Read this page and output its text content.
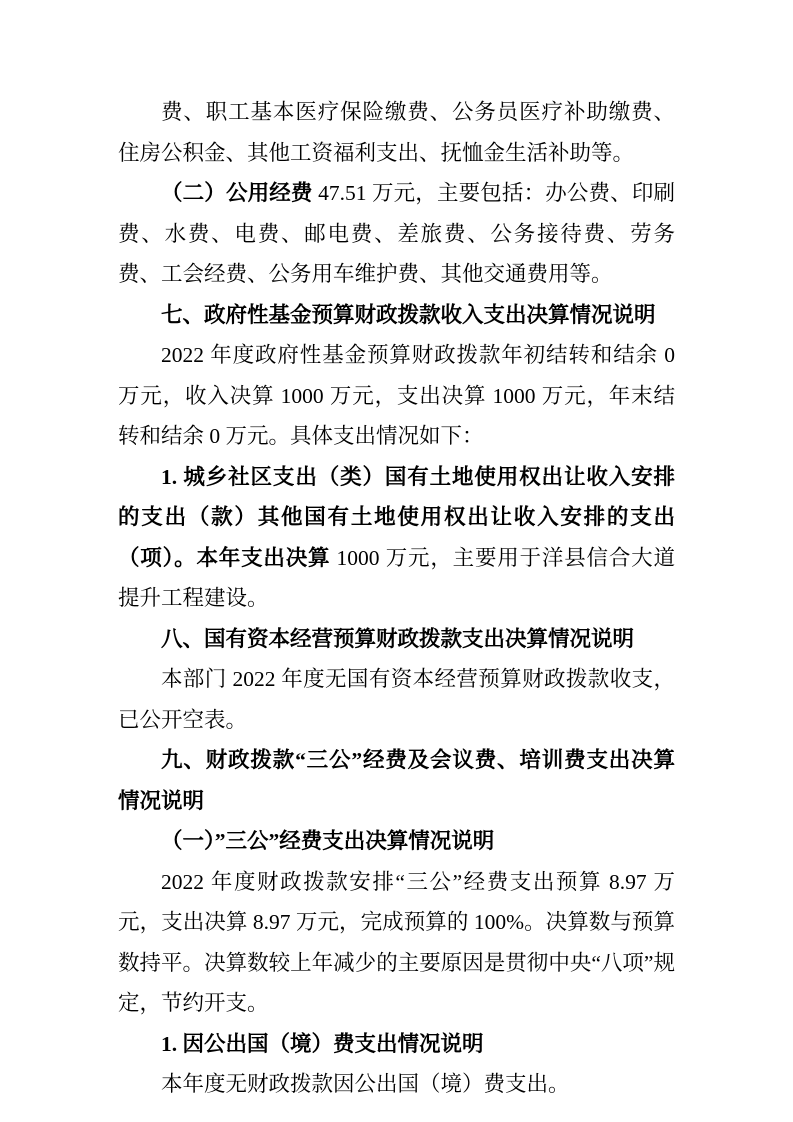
费、职工基本医疗保险缴费、公务员医疗补助缴费、住房公积金、其他工资福利支出、抚恤金生活补助等。

（二）公用经费 47.51 万元，主要包括：办公费、印刷费、水费、电费、邮电费、差旅费、公务接待费、劳务费、工会经费、公务用车维护费、其他交通费用等。

七、政府性基金预算财政拨款收入支出决算情况说明

2022 年度政府性基金预算财政拨款年初结转和结余 0 万元，收入决算 1000 万元，支出决算 1000 万元，年末结转和结余 0 万元。具体支出情况如下：

1. 城乡社区支出（类）国有土地使用权出让收入安排的支出（款）其他国有土地使用权出让收入安排的支出（项）。本年支出决算 1000 万元，主要用于洋县信合大道提升工程建设。

八、国有资本经营预算财政拨款支出决算情况说明

本部门 2022 年度无国有资本经营预算财政拨款收支，已公开空表。

九、财政拨款“三公”经费及会议费、培训费支出决算情况说明

（一）”三公”经费支出决算情况说明

2022 年度财政拨款安排“三公”经费支出预算 8.97 万元，支出决算 8.97 万元，完成预算的 100%。决算数与预算数持平。决算数较上年减少的主要原因是贯彻中央“八项”规定，节约开支。

1. 因公出国（境）费支出情况说明

本年度无财政拨款因公出国（境）费支出。
